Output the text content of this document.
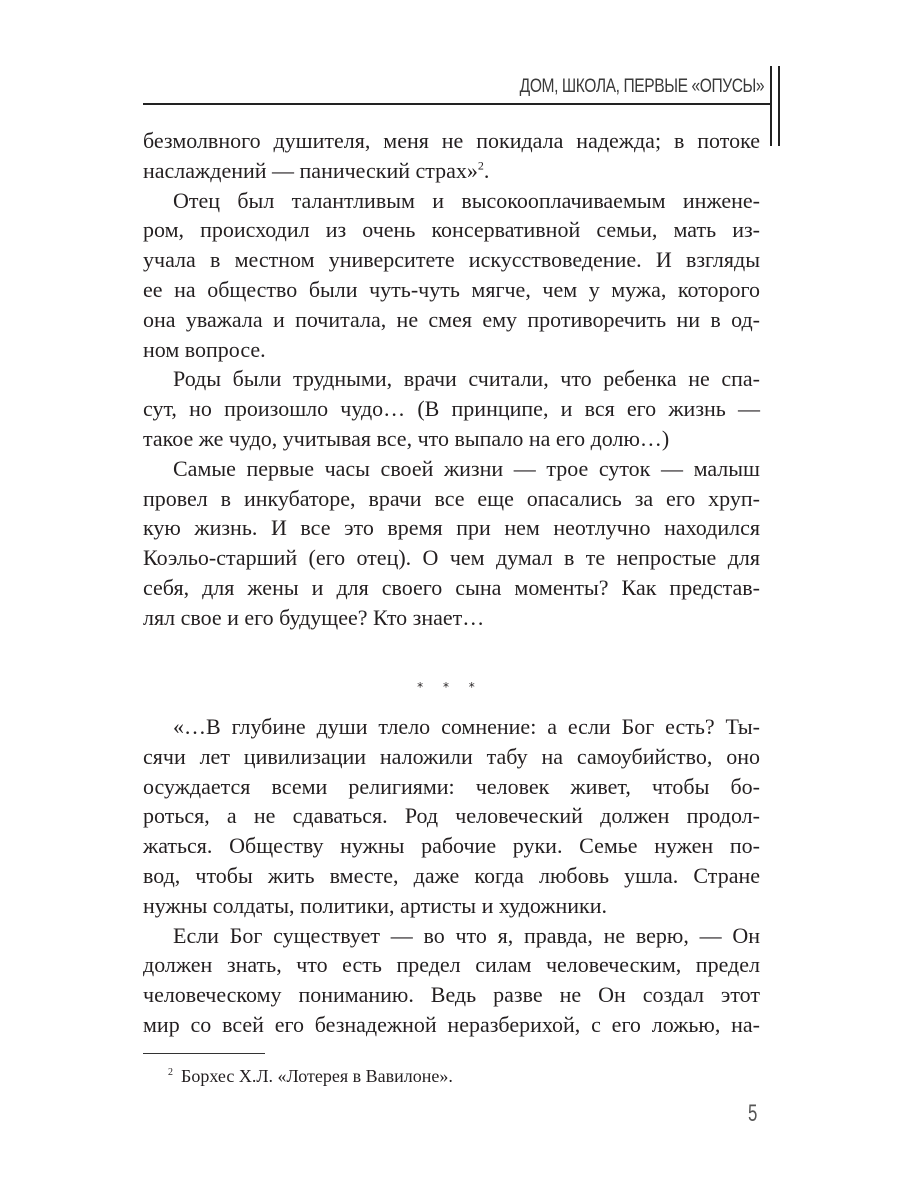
ДОМ, ШКОЛА, ПЕРВЫЕ «ОПУСЫ»
безмолвного душителя, меня не покидала надежда; в потоке
наслаждений — панический страх»$^2$.
Отец был талантливым и высокооплачиваемым инжене-
ром, происходил из очень консервативной семьи, мать из-
учала в местном университете искусствоведение. И взгляды
ее на общество были чуть-чуть мягче, чем у мужа, которого
она уважала и почитала, не смея ему противоречить ни в од-
ном вопросе.
Роды были трудными, врачи считали, что ребенка не спа-
сут, но произошло чудо… (В принципе, и вся его жизнь —
такое же чудо, учитывая все, что выпало на его долю…)
Самые первые часы своей жизни — трое суток — малыш
провел в инкубаторе, врачи все еще опасались за его хруп-
кую жизнь. И все это время при нем неотлучно находился
Коэльо-старший (его отец). О чем думал в те непростые для
себя, для жены и для своего сына моменты? Как представ-
лял свое и его будущее? Кто знает…
* * *
«…В глубине души тлело сомнение: а если Бог есть? Ты-
сячи лет цивилизации наложили табу на самоубийство, оно
осуждается всеми религиями: человек живет, чтобы бо-
роться, а не сдаваться. Род человеческий должен продол-
жаться. Обществу нужны рабочие руки. Семье нужен по-
вод, чтобы жить вместе, даже когда любовь ушла. Стране
нужны солдаты, политики, артисты и художники.
Если Бог существует — во что я, правда, не верю, — Он
должен знать, что есть предел силам человеческим, предел
человеческому пониманию. Ведь разве не Он создал этот
мир со всей его безнадежной неразберихой, с его ложью, на-
$^2$ Борхес Х.Л. «Лотерея в Вавилоне».
5
